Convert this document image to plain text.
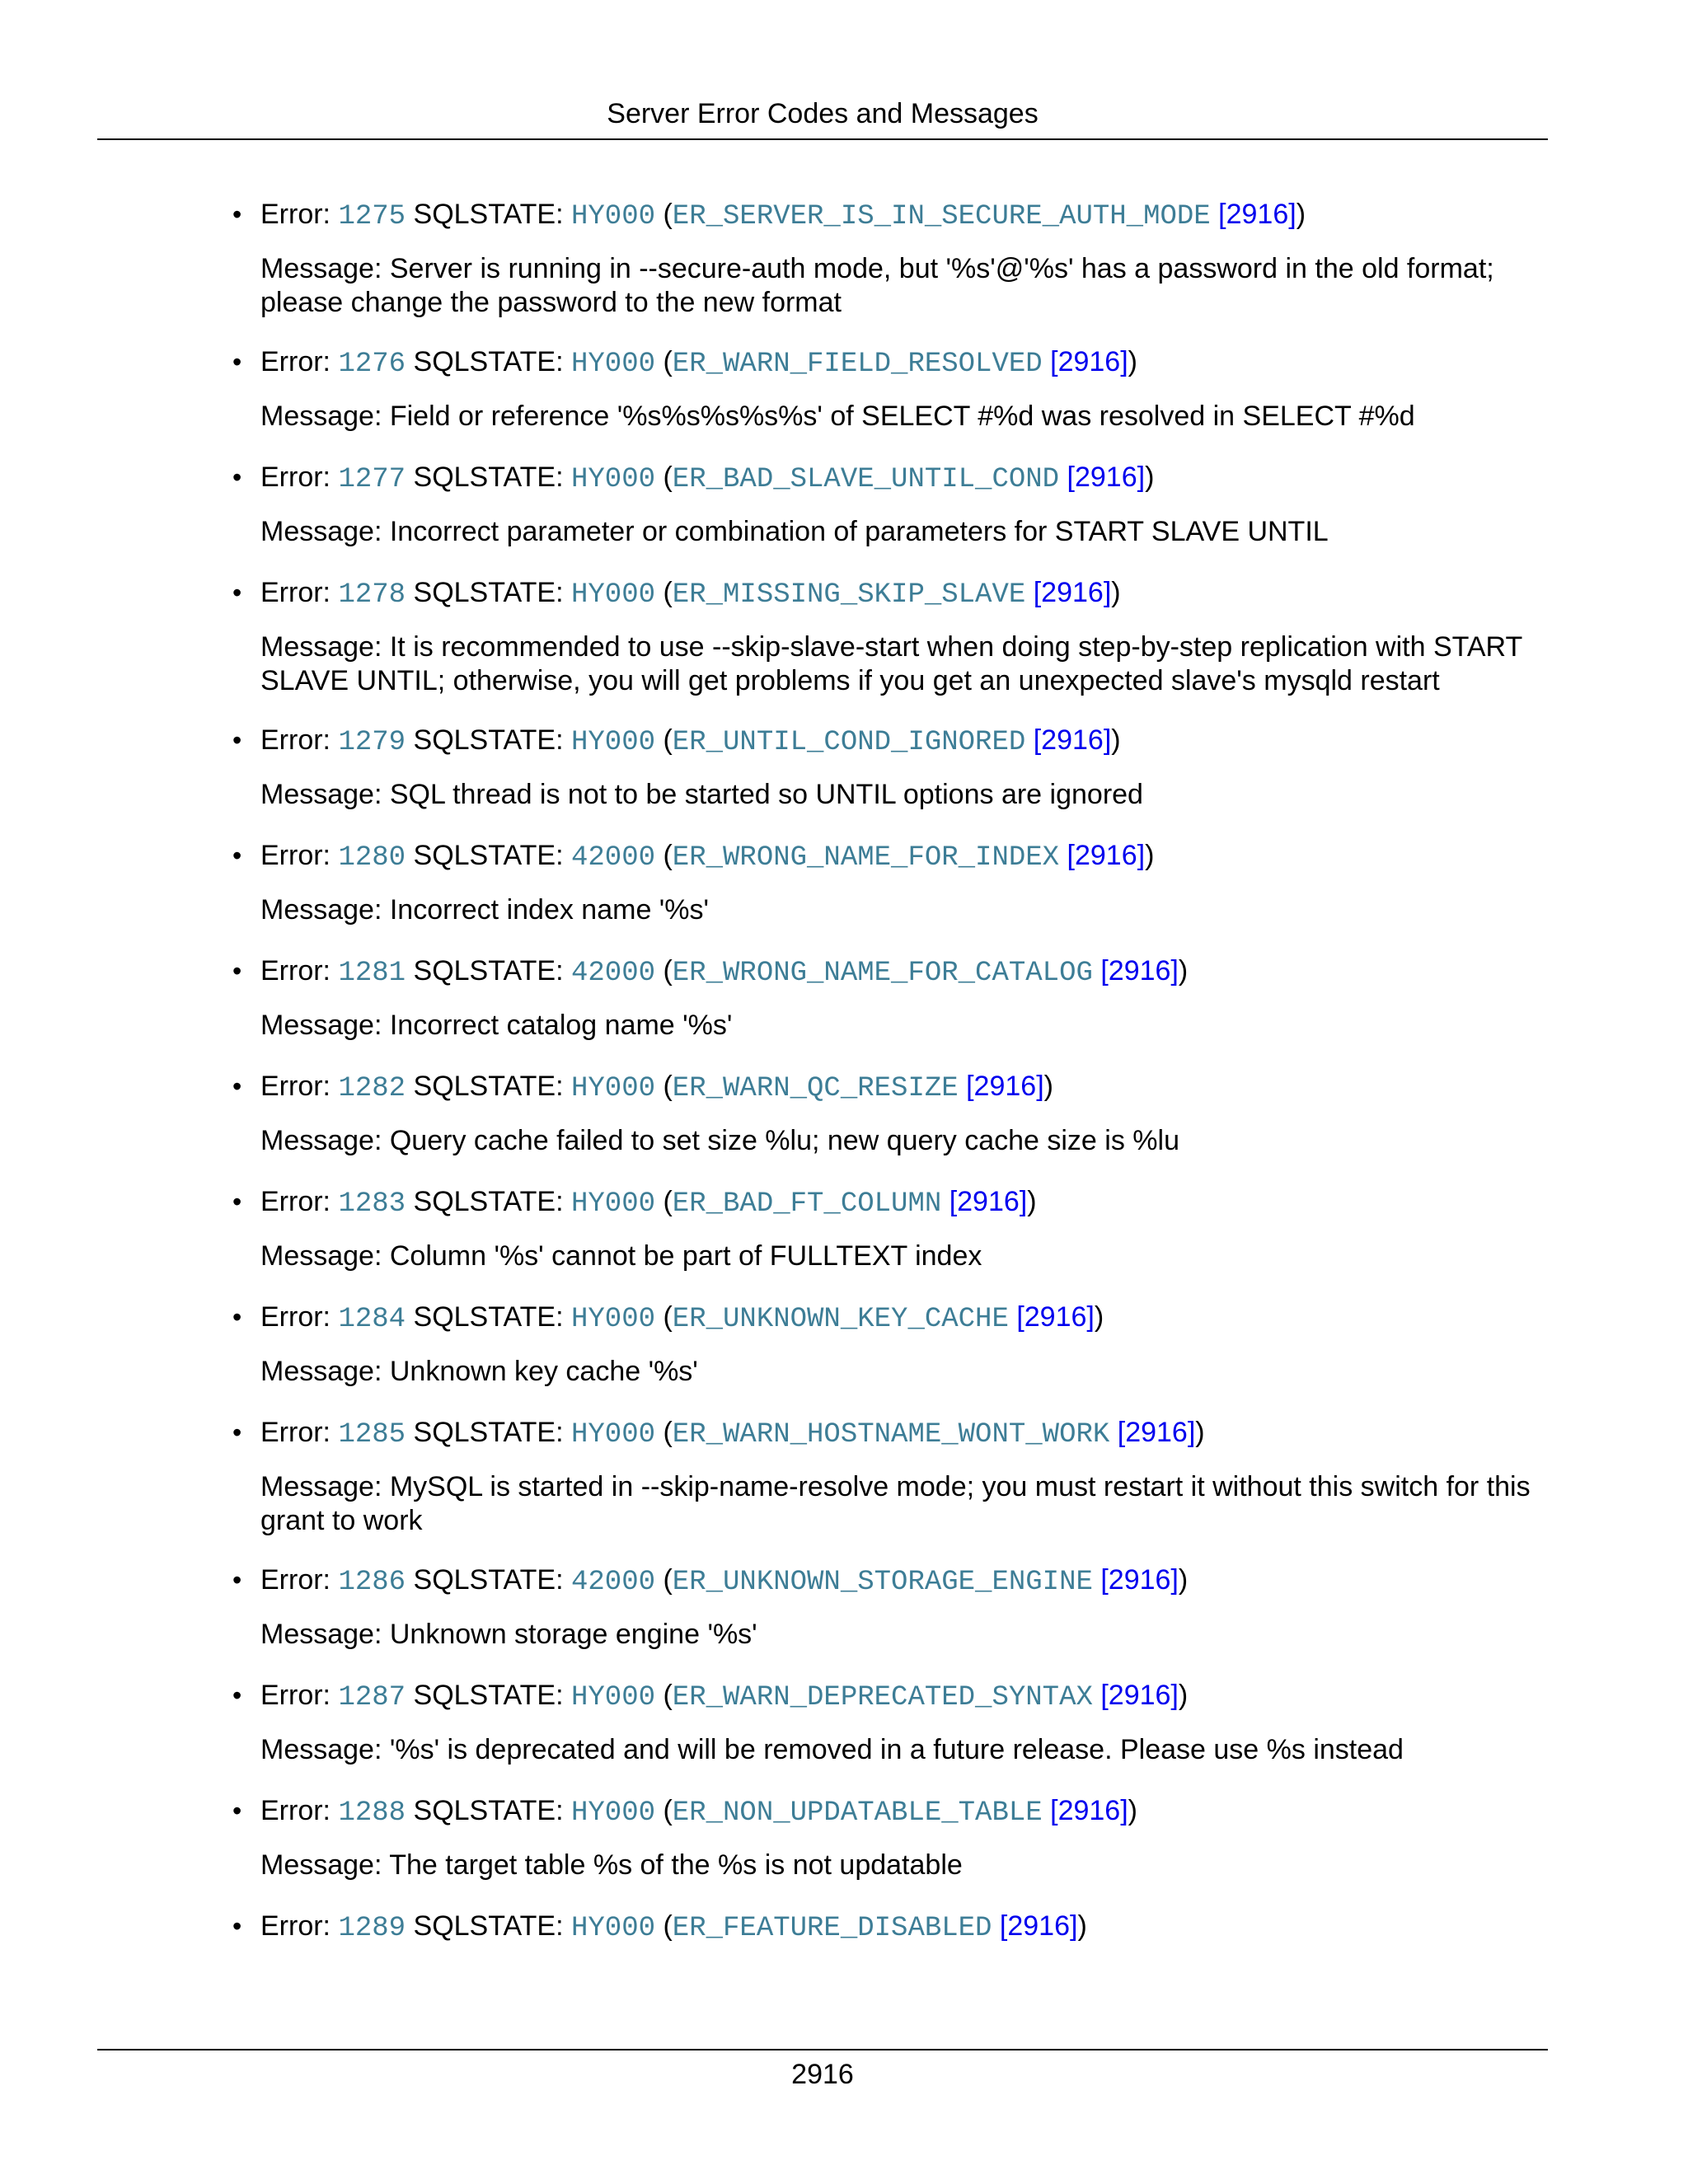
Server Error Codes and Messages
• Error: 1275 SQLSTATE: HY000 (ER_SERVER_IS_IN_SECURE_AUTH_MODE [2916])
Message: Server is running in --secure-auth mode, but '%s'@'%s' has a password in the old format; please change the password to the new format
• Error: 1276 SQLSTATE: HY000 (ER_WARN_FIELD_RESOLVED [2916])
Message: Field or reference '%s%s%s%s%s' of SELECT #%d was resolved in SELECT #%d
• Error: 1277 SQLSTATE: HY000 (ER_BAD_SLAVE_UNTIL_COND [2916])
Message: Incorrect parameter or combination of parameters for START SLAVE UNTIL
• Error: 1278 SQLSTATE: HY000 (ER_MISSING_SKIP_SLAVE [2916])
Message: It is recommended to use --skip-slave-start when doing step-by-step replication with START SLAVE UNTIL; otherwise, you will get problems if you get an unexpected slave's mysqld restart
• Error: 1279 SQLSTATE: HY000 (ER_UNTIL_COND_IGNORED [2916])
Message: SQL thread is not to be started so UNTIL options are ignored
• Error: 1280 SQLSTATE: 42000 (ER_WRONG_NAME_FOR_INDEX [2916])
Message: Incorrect index name '%s'
• Error: 1281 SQLSTATE: 42000 (ER_WRONG_NAME_FOR_CATALOG [2916])
Message: Incorrect catalog name '%s'
• Error: 1282 SQLSTATE: HY000 (ER_WARN_QC_RESIZE [2916])
Message: Query cache failed to set size %lu; new query cache size is %lu
• Error: 1283 SQLSTATE: HY000 (ER_BAD_FT_COLUMN [2916])
Message: Column '%s' cannot be part of FULLTEXT index
• Error: 1284 SQLSTATE: HY000 (ER_UNKNOWN_KEY_CACHE [2916])
Message: Unknown key cache '%s'
• Error: 1285 SQLSTATE: HY000 (ER_WARN_HOSTNAME_WONT_WORK [2916])
Message: MySQL is started in --skip-name-resolve mode; you must restart it without this switch for this grant to work
• Error: 1286 SQLSTATE: 42000 (ER_UNKNOWN_STORAGE_ENGINE [2916])
Message: Unknown storage engine '%s'
• Error: 1287 SQLSTATE: HY000 (ER_WARN_DEPRECATED_SYNTAX [2916])
Message: '%s' is deprecated and will be removed in a future release. Please use %s instead
• Error: 1288 SQLSTATE: HY000 (ER_NON_UPDATABLE_TABLE [2916])
Message: The target table %s of the %s is not updatable
• Error: 1289 SQLSTATE: HY000 (ER_FEATURE_DISABLED [2916])
2916
